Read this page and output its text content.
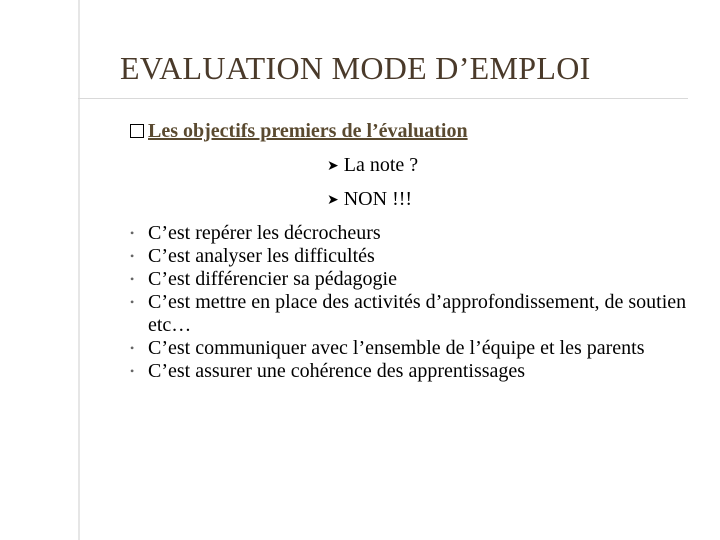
EVALUATION MODE D’EMPLOI
Les objectifs premiers de l’évaluation
➤ La note ?
➤ NON !!!

• C’est repérer les décrocheurs

• C’est analyser les difficultés

• C’est différencier sa pédagogie

• C’est mettre en place des activités d’approfondissement, de soutien etc…

• C’est communiquer avec l’ensemble de l’équipe et les parents

• C’est assurer une cohérence des apprentissages
